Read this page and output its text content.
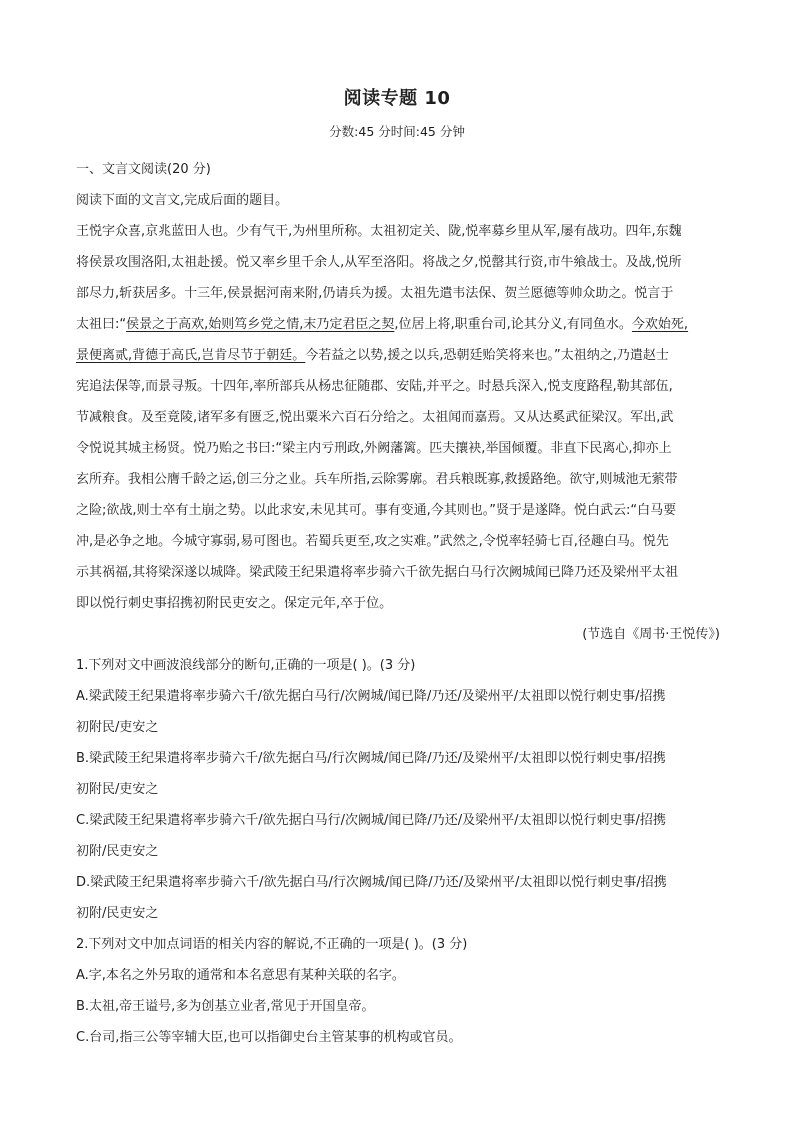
阅读专题 10
分数:45 分时间:45 分钟
一、文言文阅读(20 分)
阅读下面的文言文,完成后面的题目。
王悦字众喜,京兆蓝田人也。少有气干,为州里所称。太祖初定关、陇,悦率募乡里从军,屡有战功。四年,东魏
将侯景攻围洛阳,太祖赴援。悦又率乡里千余人,从军至洛阳。将战之夕,悦罄其行资,市牛飨战士。及战,悦所
部尽力,斩获居多。十三年,侯景据河南来附,仍请兵为援。太祖先遣韦法保、贺兰愿德等帅众助之。悦言于
太祖曰:“侯景之于高欢,始则笃乡党之情,末乃定君臣之契,位居上将,职重台司,论其分义,有同鱼水。今欢始死,
景便离贰,背德于高氏,岂肯尽节于朝廷。今若益之以势,援之以兵,恐朝廷贻笑将来也。”太祖纳之,乃遣赵士
宪追法保等,而景寻叛。十四年,率所部兵从杨忠征随郡、安陆,并平之。时悬兵深入,悦支度路程,勒其部伍,
节减粮食。及至竟陵,诸军多有匮乏,悦出粟米六百石分给之。太祖闻而嘉焉。又从达奚武征梁汉。军出,武
令悦说其城主杨贤。悦乃贻之书曰:“梁主内亏刑政,外阙藩篱。匹夫攘袂,举国倾覆。非直下民离心,抑亦上
玄所弃。我相公膺千龄之运,创三分之业。兵车所指,云除雾廓。君兵粮既寡,救援路绝。欲守,则城池无萦带
之险;欲战,则士卒有土崩之势。以此求安,未见其可。事有变通,今其则也。”贤于是遂降。悦白武云:“白马要
冲,是必争之地。今城守寡弱,易可图也。若蜀兵更至,攻之实难。”武然之,令悦率轻骑七百,径趣白马。悦先
示其祸福,其将梁深遂以城降。梁武陵王纪果遣将率步骑六千欲先据白马行次阙城闻已降乃还及梁州平太祖
即以悦行刺史事招携初附民吏安之。保定元年,卒于位。
(节选自《周书·王悦传》)
1.下列对文中画波浪线部分的断句,正确的一项是( )。(3 分)
A.梁武陵王纪果遣将率步骑六千/欲先据白马行/次阙城/闻已降/乃还/及梁州平/太祖即以悦行刺史事/招携
初附民/吏安之
B.梁武陵王纪果遣将率步骑六千/欲先据白马/行次阙城/闻已降/乃还/及梁州平/太祖即以悦行刺史事/招携
初附民/吏安之
C.梁武陵王纪果遣将率步骑六千/欲先据白马行/次阙城/闻已降/乃还/及梁州平/太祖即以悦行刺史事/招携
初附/民吏安之
D.梁武陵王纪果遣将率步骑六千/欲先据白马/行次阙城/闻已降/乃还/及梁州平/太祖即以悦行刺史事/招携
初附/民吏安之
2.下列对文中加点词语的相关内容的解说,不正确的一项是( )。(3 分)
A.字,本名之外另取的通常和本名意思有某种关联的名字。
B.太祖,帝王谥号,多为创基立业者,常见于开国皇帝。
C.台司,指三公等宰辅大臣,也可以指御史台主管某事的机构或官员。
